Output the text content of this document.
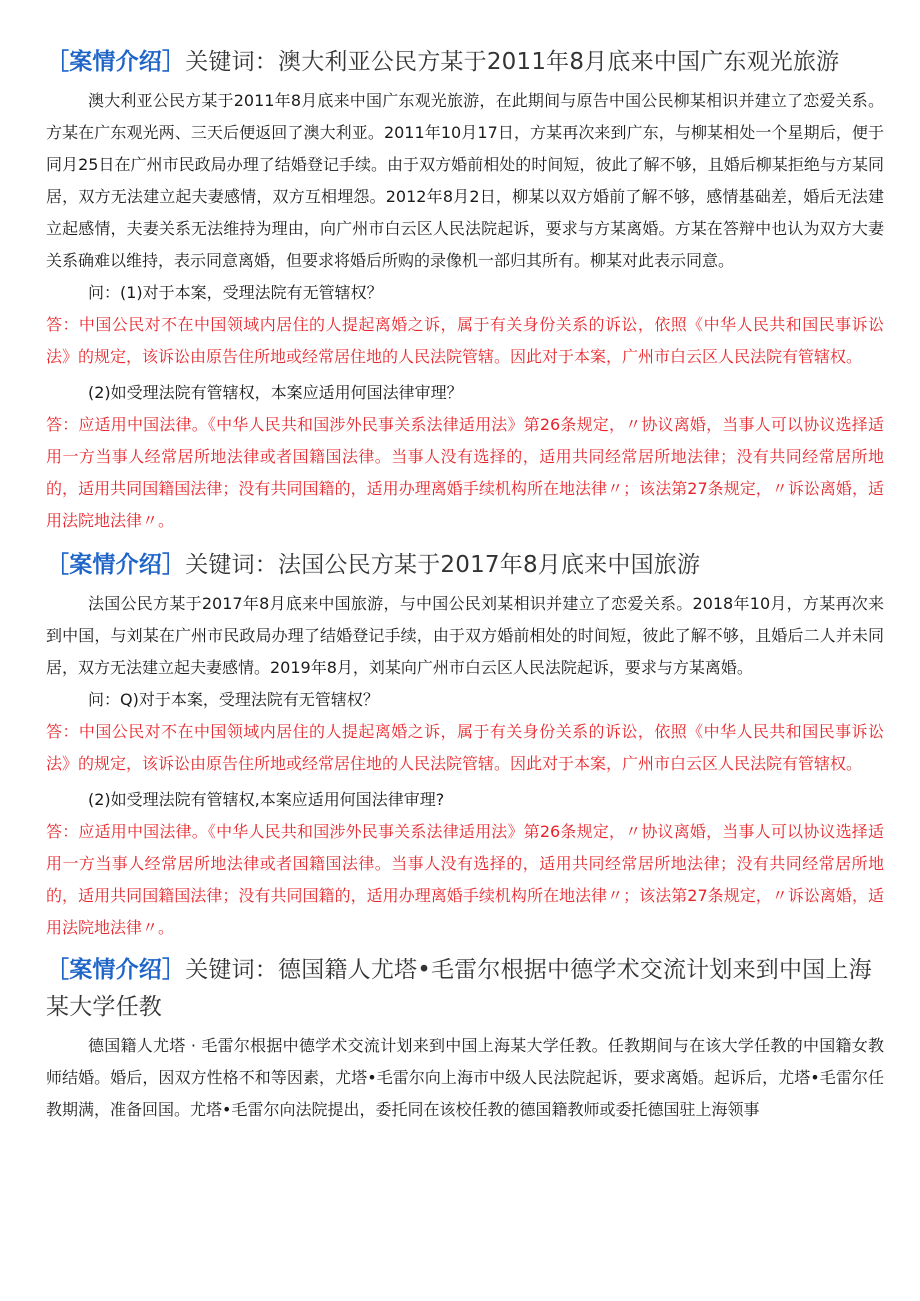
［案情介绍］关键词：澳大利亚公民方某于2011年8月底来中国广东观光旅游

澳大利亚公民方某于2011年8月底来中国广东观光旅游，在此期间与原告中国公民柳某相识并建立了恋爱关系。方某在广东观光两、三天后便返回了澳大利亚。2011年10月17日，方某再次来到广东，与柳某相处一个星期后，便于同月25日在广州市民政局办理了结婚登记手续。由于双方婚前相处的时间短，彼此了解不够，且婚后柳某拒绝与方某同居，双方无法建立起夫妻感情，双方互相埋怨。2012年8月2日，柳某以双方婚前了解不够，感情基础差，婚后无法建立起感情，夫妻关系无法维持为理由，向广州市白云区人民法院起诉，要求与方某离婚。方某在答辩中也认为双方大妻关系确难以维持，表示同意离婚，但要求将婚后所购的录像机一部归其所有。柳某对此表示同意。

问：(1)对于本案，受理法院有无管辖权？

答：中国公民对不在中国领域内居住的人提起离婚之诉，属于有关身份关系的诉讼，依照《中华人民共和国民事诉讼法》的规定，该诉讼由原告住所地或经常居住地的人民法院管辖。因此对于本案，广州市白云区人民法院有管辖权。

(2)如受理法院有管辖权，本案应适用何国法律审理？

答：应适用中国法律。《中华人民共和国涉外民事关系法律适用法》第26条规定，〃协议离婚，当事人可以协议选择适用一方当事人经常居所地法律或者国籍国法律。当事人没有选择的，适用共同经常居所地法律；没有共同经常居所地的，适用共同国籍国法律；没有共同国籍的，适用办理离婚手续机构所在地法律〃；该法第27条规定，〃诉讼离婚，适用法院地法律〃。

［案情介绍］关键词：法国公民方某于2017年8月底来中国旅游

法国公民方某于2017年8月底来中国旅游，与中国公民刘某相识并建立了恋爱关系。2018年10月，方某再次来到中国，与刘某在广州市民政局办理了结婚登记手续，由于双方婚前相处的时间短，彼此了解不够，且婚后二人并未同居，双方无法建立起夫妻感情。2019年8月，刘某向广州市白云区人民法院起诉，要求与方某离婚。

问：Q)对于本案，受理法院有无管辖权？

答：中国公民对不在中国领域内居住的人提起离婚之诉，属于有关身份关系的诉讼，依照《中华人民共和国民事诉讼法》的规定，该诉讼由原告住所地或经常居住地的人民法院管辖。因此对于本案，广州市白云区人民法院有管辖权。

(2)如受理法院有管辖权,本案应适用何国法律审理?

答：应适用中国法律。《中华人民共和国涉外民事关系法律适用法》第26条规定，〃协议离婚，当事人可以协议选择适用一方当事人经常居所地法律或者国籍国法律。当事人没有选择的，适用共同经常居所地法律；没有共同经常居所地的，适用共同国籍国法律；没有共同国籍的，适用办理离婚手续机构所在地法律〃；该法第27条规定，〃诉讼离婚，适用法院地法律〃。

［案情介绍］关键词：德国籍人尤塔•毛雷尔根据中德学术交流计划来到中国上海某大学任教

德国籍人尤塔 · 毛雷尔根据中德学术交流计划来到中国上海某大学任教。任教期间与在该大学任教的中国籍女教师结婚。婚后，因双方性格不和等因素，尤塔•毛雷尔向上海市中级人民法院起诉，要求离婚。起诉后，尤塔•毛雷尔任教期满，准备回国。尤塔•毛雷尔向法院提出，委托同在该校任教的德国籍教师或委托德国驻上海领事
